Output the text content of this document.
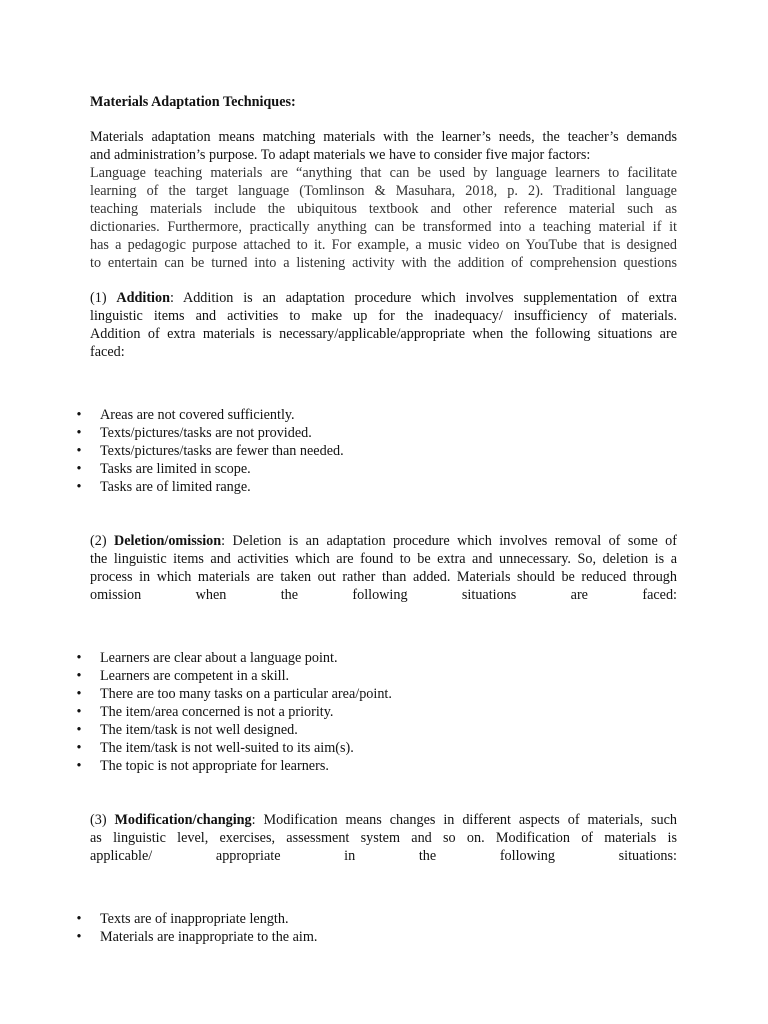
Materials Adaptation Techniques:
Materials adaptation means matching materials with the learner’s needs, the teacher’s demands
and administration’s purpose. To adapt materials we have to consider five major factors:
Language teaching materials are “anything that can be used by language learners to facilitate
learning of the target language (Tomlinson & Masuhara, 2018, p. 2). Traditional language
teaching materials include the ubiquitous textbook and other reference material such as
dictionaries. Furthermore, practically anything can be transformed into a teaching material if it
has a pedagogic purpose attached to it. For example, a music video on YouTube that is designed
to entertain can be turned into a listening activity with the addition of comprehension questions
(1) Addition: Addition is an adaptation procedure which involves supplementation of extra
linguistic items and activities to make up for the inadequacy/ insufficiency of materials.
Addition of extra materials is necessary/applicable/appropriate when the following situations are
faced:
• Areas are not covered sufficiently.
• Texts/pictures/tasks are not provided.
• Texts/pictures/tasks are fewer than needed.
• Tasks are limited in scope.
• Tasks are of limited range.
(2) Deletion/omission: Deletion is an adaptation procedure which involves removal of some of
the linguistic items and activities which are found to be extra and unnecessary. So, deletion is a
process in which materials are taken out rather than added. Materials should be reduced through
omission when the following situations are faced:
• Learners are clear about a language point.
• Learners are competent in a skill.
• There are too many tasks on a particular area/point.
• The item/area concerned is not a priority.
• The item/task is not well designed.
• The item/task is not well-suited to its aim(s).
• The topic is not appropriate for learners.
(3) Modification/changing: Modification means changes in different aspects of materials, such
as linguistic level, exercises, assessment system and so on. Modification of materials is
applicable/ appropriate in the following situations:
• Texts are of inappropriate length.
• Materials are inappropriate to the aim.
